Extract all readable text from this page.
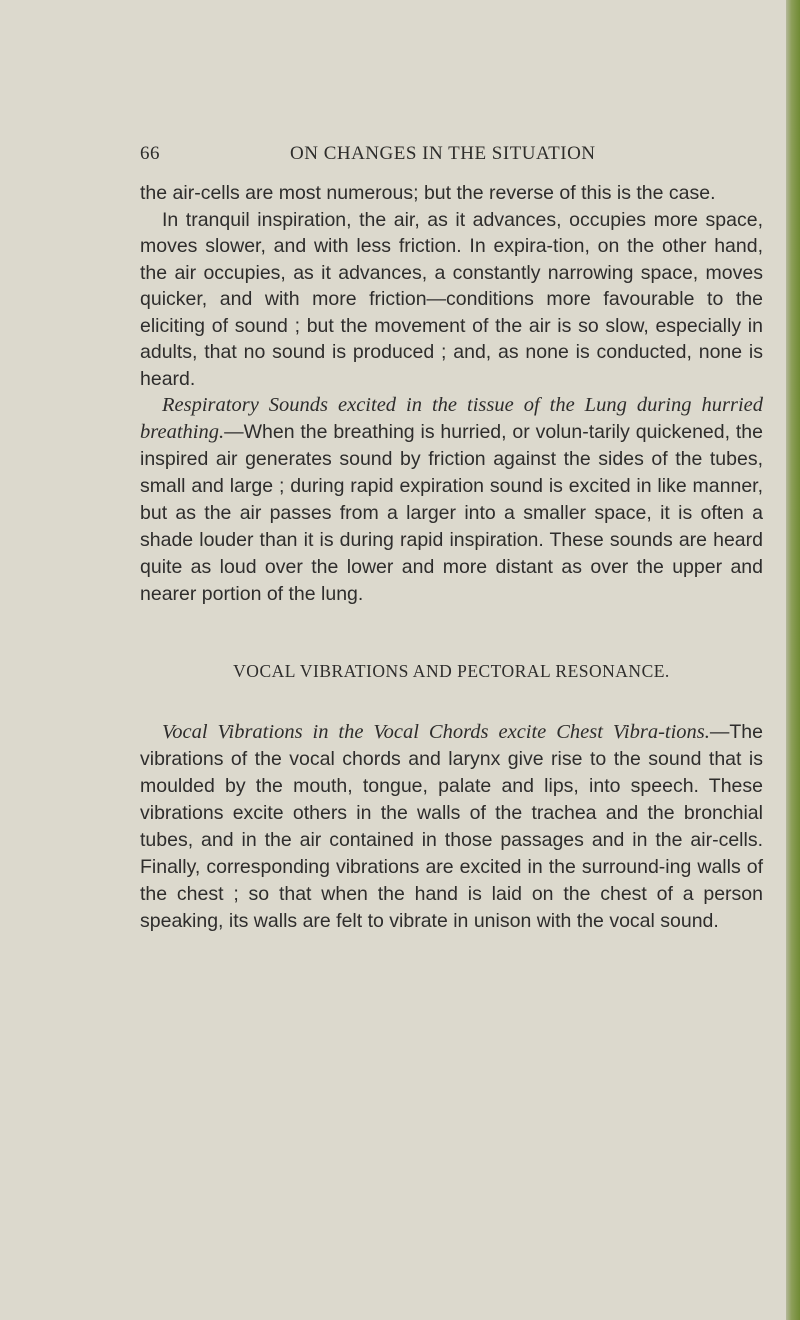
66	ON CHANGES IN THE SITUATION

the air-cells are most numerous; but the reverse of this is the case.

In tranquil inspiration, the air, as it advances, occupies more space, moves slower, and with less friction. In expira-tion, on the other hand, the air occupies, as it advances, a constantly narrowing space, moves quicker, and with more friction—conditions more favourable to the eliciting of sound ; but the movement of the air is so slow, especially in adults, that no sound is produced ; and, as none is conducted, none is heard.

Respiratory Sounds excited in the tissue of the Lung during hurried breathing.—When the breathing is hurried, or volun-tarily quickened, the inspired air generates sound by friction against the sides of the tubes, small and large ; during rapid expiration sound is excited in like manner, but as the air passes from a larger into a smaller space, it is often a shade louder than it is during rapid inspiration. These sounds are heard quite as loud over the lower and more distant as over the upper and nearer portion of the lung.

VOCAL VIBRATIONS AND PECTORAL RESONANCE.

Vocal Vibrations in the Vocal Chords excite Chest Vibra-tions.—The vibrations of the vocal chords and larynx give rise to the sound that is moulded by the mouth, tongue, palate and lips, into speech. These vibrations excite others in the walls of the trachea and the bronchial tubes, and in the air contained in those passages and in the air-cells. Finally, corresponding vibrations are excited in the surround-ing walls of the chest ; so that when the hand is laid on the chest of a person speaking, its walls are felt to vibrate in unison with the vocal sound.
